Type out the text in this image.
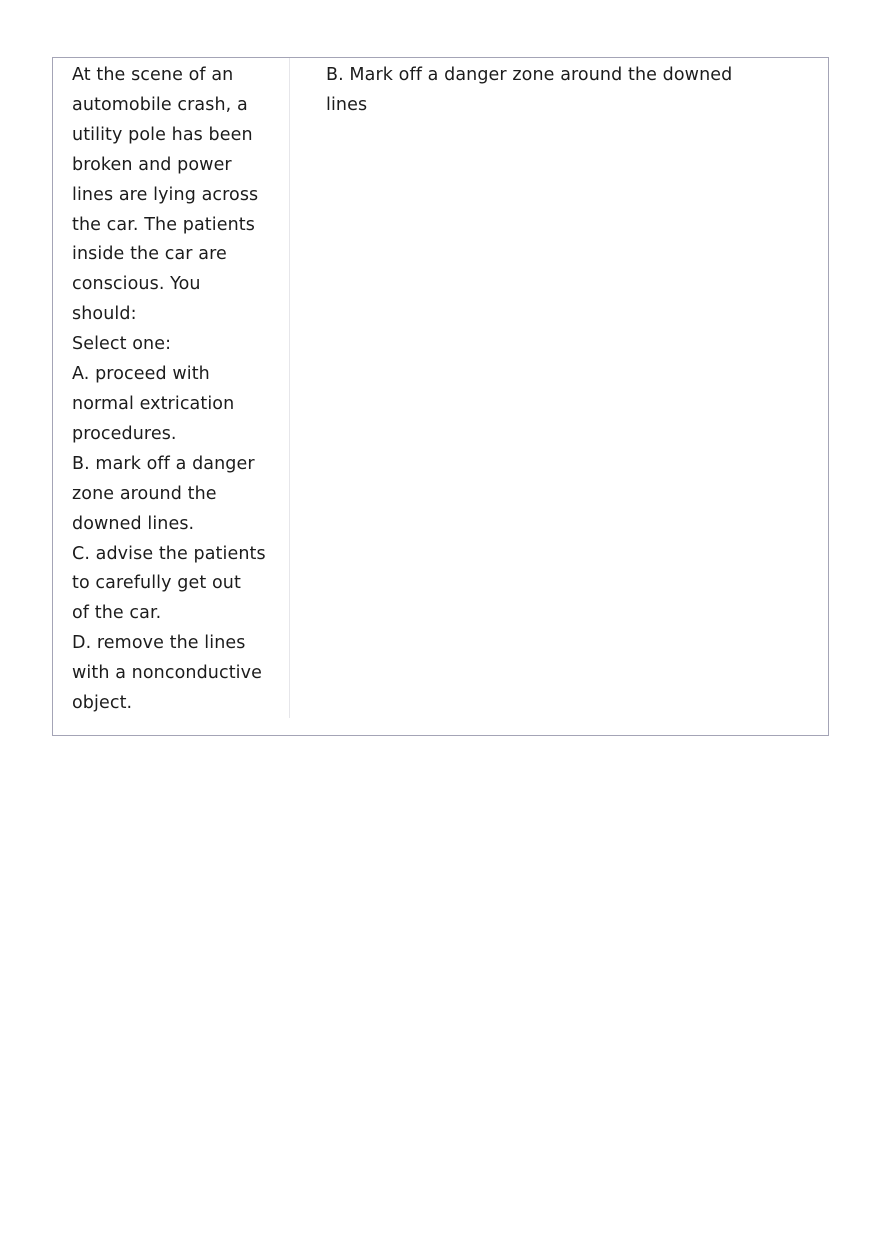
At the scene of an
automobile crash, a
utility pole has been
broken and power
lines are lying across
the car. The patients
inside the car are
conscious. You
should:
Select one:
A. proceed with
normal extrication
procedures.
B. mark off a danger
zone around the
downed lines.
C. advise the patients
to carefully get out
of the car.
D. remove the lines
with a nonconductive
object.
B. Mark off a danger zone around the downed
lines
